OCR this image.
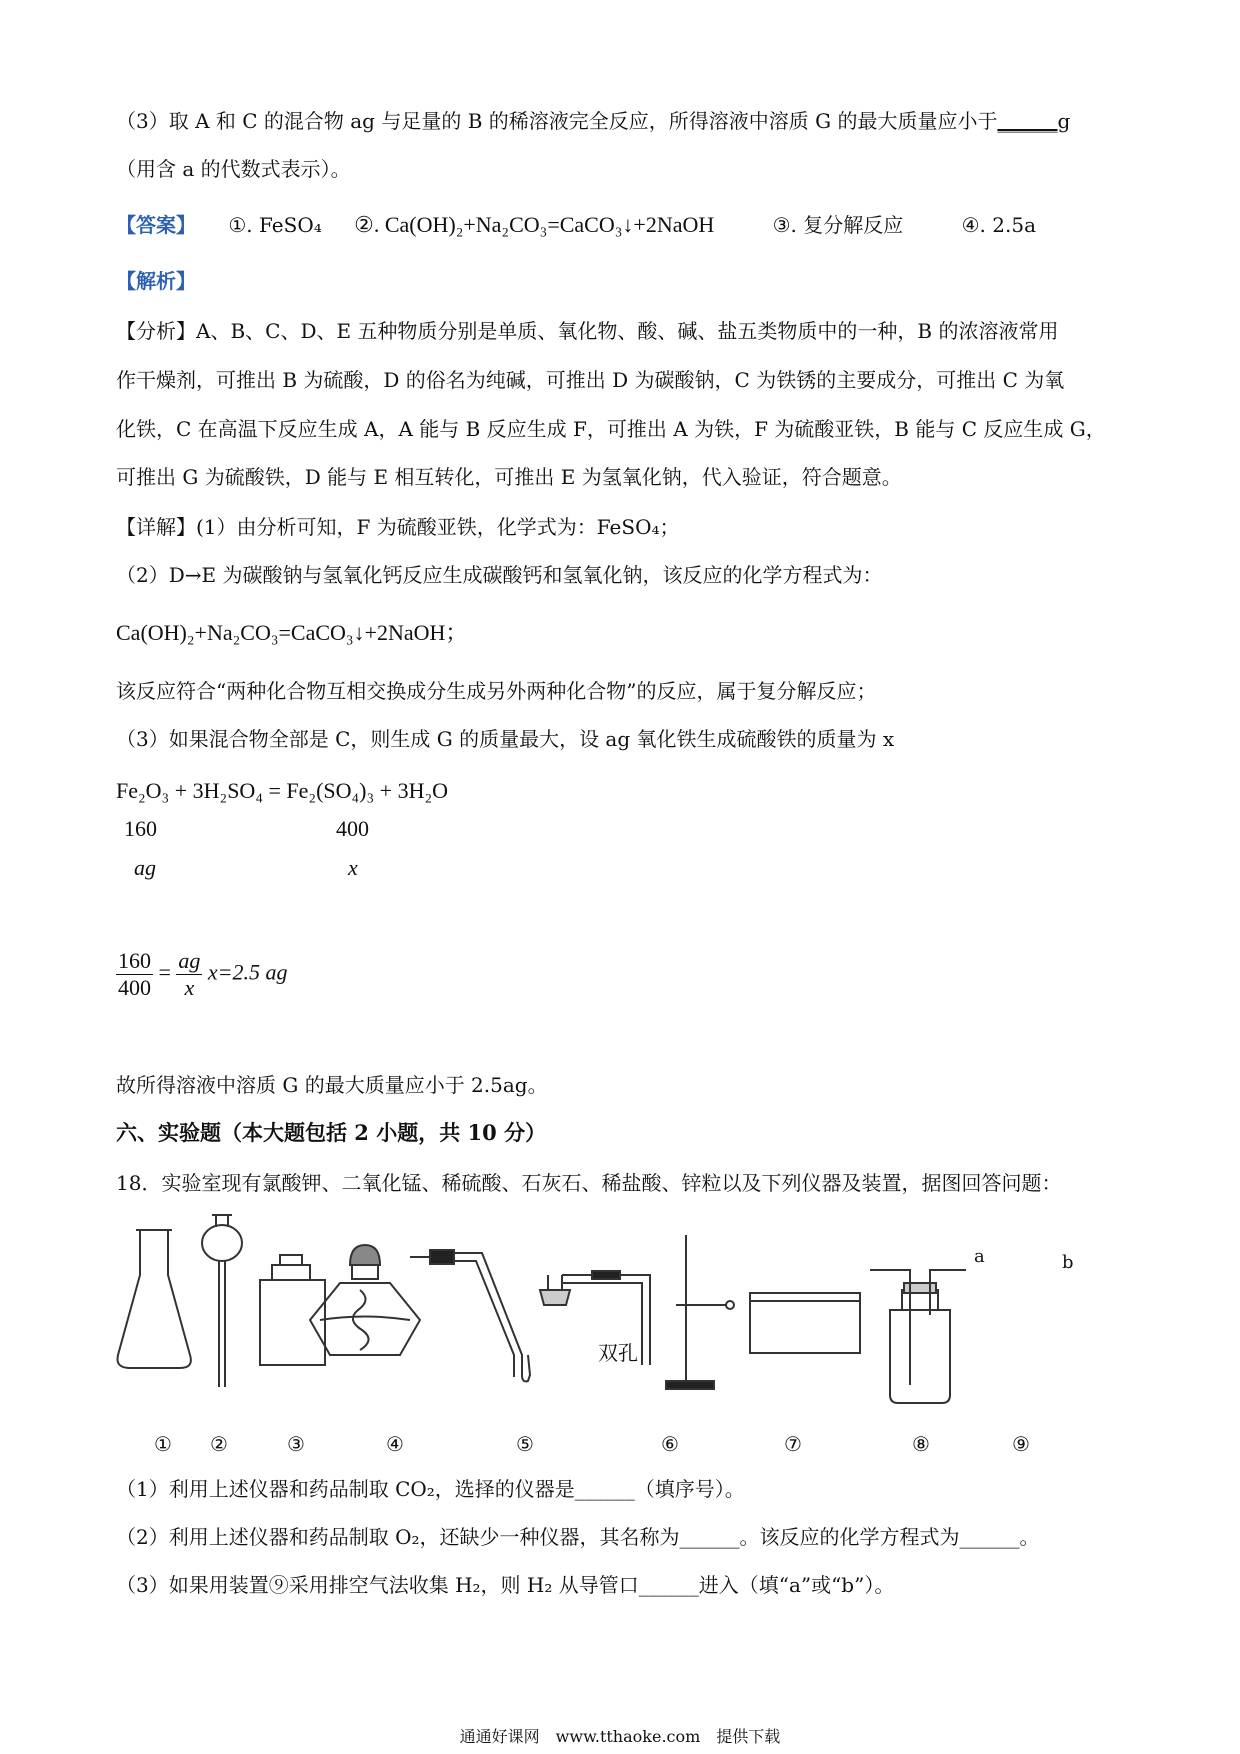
（3）取 A 和 C 的混合物 ag 与足量的 B 的稀溶液完全反应，所得溶液中溶质 G 的最大质量应小于______g
（用含 a 的代数式表示）。
【答案】 ①. FeSO₄ ②. Ca(OH)₂+Na₂CO₃=CaCO₃↓+2NaOH	③. 复分解反应	④. 2.5a
【解析】
【分析】A、B、C、D、E 五种物质分别是单质、氧化物、酸、碱、盐五类物质中的一种，B 的浓溶液常用
作干燥剂，可推出 B 为硫酸，D 的俗名为纯碱，可推出 D 为碳酸钠，C 为铁锈的主要成分，可推出 C 为氧
化铁，C 在高温下反应生成 A，A 能与 B 反应生成 F，可推出 A 为铁，F 为硫酸亚铁，B 能与 C 反应生成 G，
可推出 G 为硫酸铁，D 能与 E 相互转化，可推出 E 为氢氧化钠，代入验证，符合题意。
【详解】(1）由分析可知，F 为硫酸亚铁，化学式为：FeSO₄；
（2）D→E 为碳酸钠与氢氧化钙反应生成碳酸钙和氢氧化钠，该反应的化学方程式为：
Ca(OH)₂+Na₂CO₃=CaCO₃↓+2NaOH；
该反应符合“两种化合物互相交换成分生成另外两种化合物”的反应，属于复分解反应；
（3）如果混合物全部是 C，则生成 G 的质量最大，设 ag 氧化铁生成硫酸铁的质量为 x
Fe₂O₃ + 3H₂SO₄ = Fe₂(SO₄)₃ + 3H₂O
160	400
ag	x
$\frac{160}{400} = \frac{ag}{x} x=2.5$ ag
故所得溶液中溶质 G 的最大质量应小于 2.5ag。
六、实验题（本大题包括 2 小题，共 10 分）
18．实验室现有氯酸钾、二氧化锰、稀硫酸、石灰石、稀盐酸、锌粒以及下列仪器及装置，据图回答问题：
双孔
a	b
① ②	③	④	⑤	⑥	⑦	⑧	⑨
（1）利用上述仪器和药品制取 CO₂，选择的仪器是______（填序号）。
（2）利用上述仪器和药品制取 O₂，还缺少一种仪器，其名称为______。该反应的化学方程式为______。
（3）如果用装置⑨采用排空气法收集 H₂，则 H₂ 从导管口______进入（填“a”或“b”）。
通通好课网　www.tthaoke.com　提供下载
